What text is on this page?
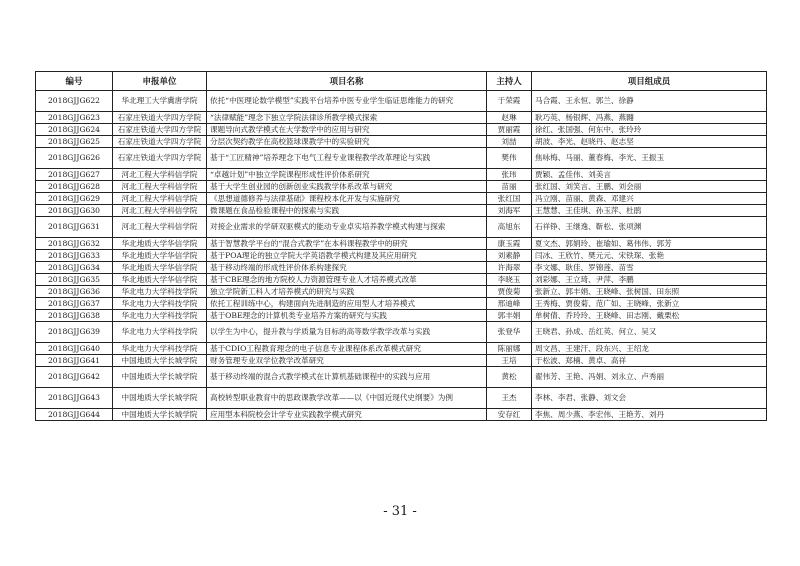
编号	申报单位	项目名称	主持人	项目组成员
2018GJJG622	华北理工大学冀唐学院	依托“中医理论数学模型”实践平台培养中医专业学生临证思维能力的研究	于荣霞	马合霞、王永恒、郭兰、徐静
2018GJJG623	石家庄铁道大学四方学院	“法律赋能”理念下独立学院法律诊所教学模式探索	赵琳	耿巧英、杨银辉、冯燕、燕翾
2018GJJG624	石家庄铁道大学四方学院	课题导向式教学模式在大学数学中的应用与研究	贾丽霞	徐红、张国强、何东中、张玲玲
2018GJJG625	石家庄铁道大学四方学院	分层次契约教学在高校篮球课教学中的实验研究	刘喆	胡波、李光、赵晓丹、赵志坚
2018GJJG626	石家庄铁道大学四方学院	基于“工匠精神”培养理念下电气工程专业课程教学改革理论与实践	樊伟	焦咏梅、马丽、董春梅、李光、王振玉
2018GJJG627	河北工程大学科信学院	“卓越计划”中独立学院课程形成性评价体系研究	张玮	贾颖、孟佳伟、刘美言
2018GJJG628	河北工程大学科信学院	基于大学生创业园的创新创业实践教学体系改革与研究	苗丽	张红国、刘笑言、王鹏、刘会丽
2018GJJG629	河北工程大学科信学院	《思想道德修养与法律基础》课程校本化开发与实施研究	张红国	冯立刚、苗丽、黄森、邓建兴
2018GJJG630	河北工程大学科信学院	微课题在食品检验课程中的探索与实践	刘海军	王慧慧、王佳琪、孙玉萍、杜鹃
2018GJJG631	河北工程大学科信学院	对接企业需求的学研双驱模式的能动专业卓实培养教学模式构建与探索	高旭东	石祥铮、王继逸、靳松、张项渊
2018GJJG632	华北地质大学华信学院	基于智慧教学平台的“混合式教学”在本科课程教学中的研究	康玉霞	夏文杰、郭娟玲、崔瑜如、葛伟伟、郭芳
2018GJJG633	华北地质大学华信学院	基于POA理论的独立学院大学英语教学模式构建及其应用研究	刘素静	闫冰、王欣竹、樊元元、宋铁琛、张艳
2018GJJG634	华北地质大学华信学院	基于移动终端的形成性评价体系构建探究	许海翠	李文娜、耿佳、罗锦莲、苗雪
2018GJJG635	华北地质大学华信学院	基于CBE理念的地方院校人力资源管理专业人才培养模式改革	李晓玉	刘彩娜、王立琦、尹萍、李鹏
2018GJJG636	华北电力大学科技学院	独立学院新工科人才培养模式的研究与实践	贾俊菊	张新立、郭丰娟、王晓峰、张树国、田东照
2018GJJG637	华北电力大学科技学院	依托工程训练中心，构建面向先进制造的应用型人才培养模式	邢迪峰	王秀梅、贾俊菊、范广如、王晓峰、张新立
2018GJJG638	华北电力大学科技学院	基于OBE理念的计算机类专业培养方案的研究与实践	郭丰娟	单树倩、乔玲玲、王晓峰、田志刚、戴栗松
2018GJJG639	华北电力大学科技学院	以学生为中心，提升教与学质量为目标的高等数学教学改革与实践	张登华	王晓君、孙成、岳红英、何立、吴又
2018GJJG640	华北电力大学科技学院	基于CDIO工程教育理念的电子信息专业课程体系改革模式研究	陈丽娜	周文昌、王建汗、段东兴、王绍龙
2018GJJG641	中国地质大学长城学院	财务管理专业双学位教学改革研究	王培	于松波、郑楠、黄卓、高祥
2018GJJG642	中国地质大学长城学院	基于移动终端的混合式教学模式在计算机基础课程中的实践与应用	黄松	翟伟芳、王艳、冯娟、刘永立、卢秀丽
2018GJJG643	中国地质大学长城学院	高校转型职业教育中的思政课教学改革——以《中国近现代史纲要》为例	王杰	李林、李君、张静、刘文会
2018GJJG644	中国地质大学长城学院	应用型本科院校会计学专业实践教学模式研究	安存红	李焦、周少燕、李宏伟、王艳芳、刘丹
- 31 -
